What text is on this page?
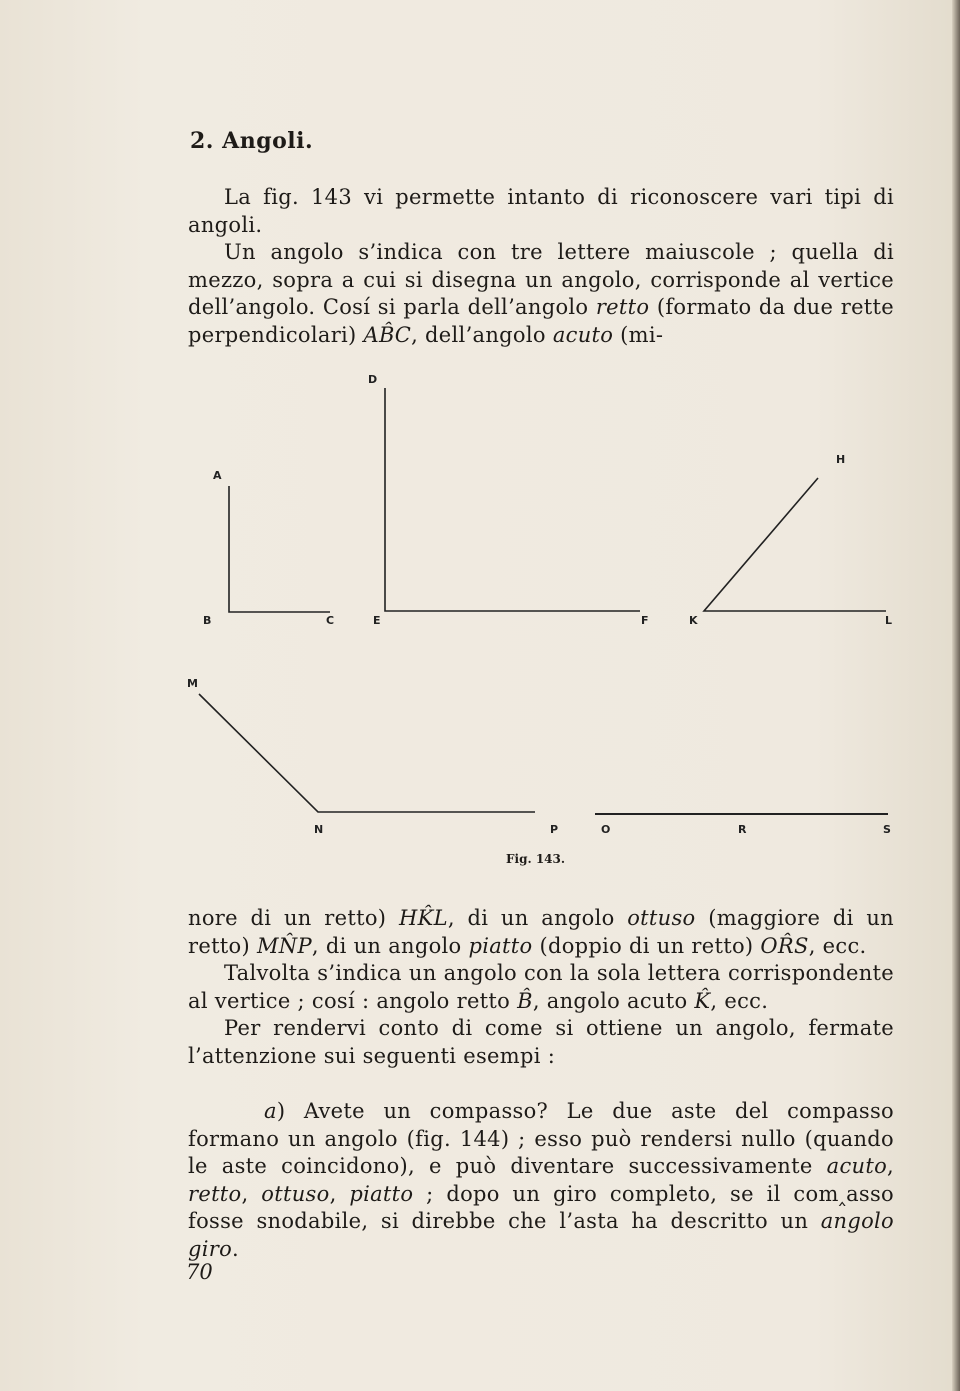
2. Angoli.

La fig. 143 vi permette intanto di riconoscere vari tipi di angoli.

Un angolo s’indica con tre lettere maiuscole ; quella di mezzo, sopra a cui si disegna un angolo, corrisponde al vertice dell’angolo. Cosí si parla dell’angolo retto (formato da due rette perpendicolari) AB̂C, dell’angolo acuto (mi-

A
B	C
D
E	F
H
K	L
M
N	P	O	R	S
Fig. 143.

nore di un retto) HK̂L, di un angolo ottuso (maggiore di un retto) MN̂P, di un angolo piatto (doppio di un retto) OR̂S, ecc.

Talvolta s’indica un angolo con la sola lettera corrispondente al vertice ; cosí : angolo retto B̂, angolo acuto K̂, ecc.

Per rendervi conto di come si ottiene un angolo, fermate l’attenzione sui seguenti esempi :

a) Avete un compasso? Le due aste del compasso formano un angolo (fig. 144) ; esso può rendersi nullo (quando le aste coincidono), e può diventare successivamente acuto, retto, ottuso, piatto ; dopo un giro completo, se il com‸asso fosse snodabile, si direbbe che l’asta ha descritto un angolo giro.

70
